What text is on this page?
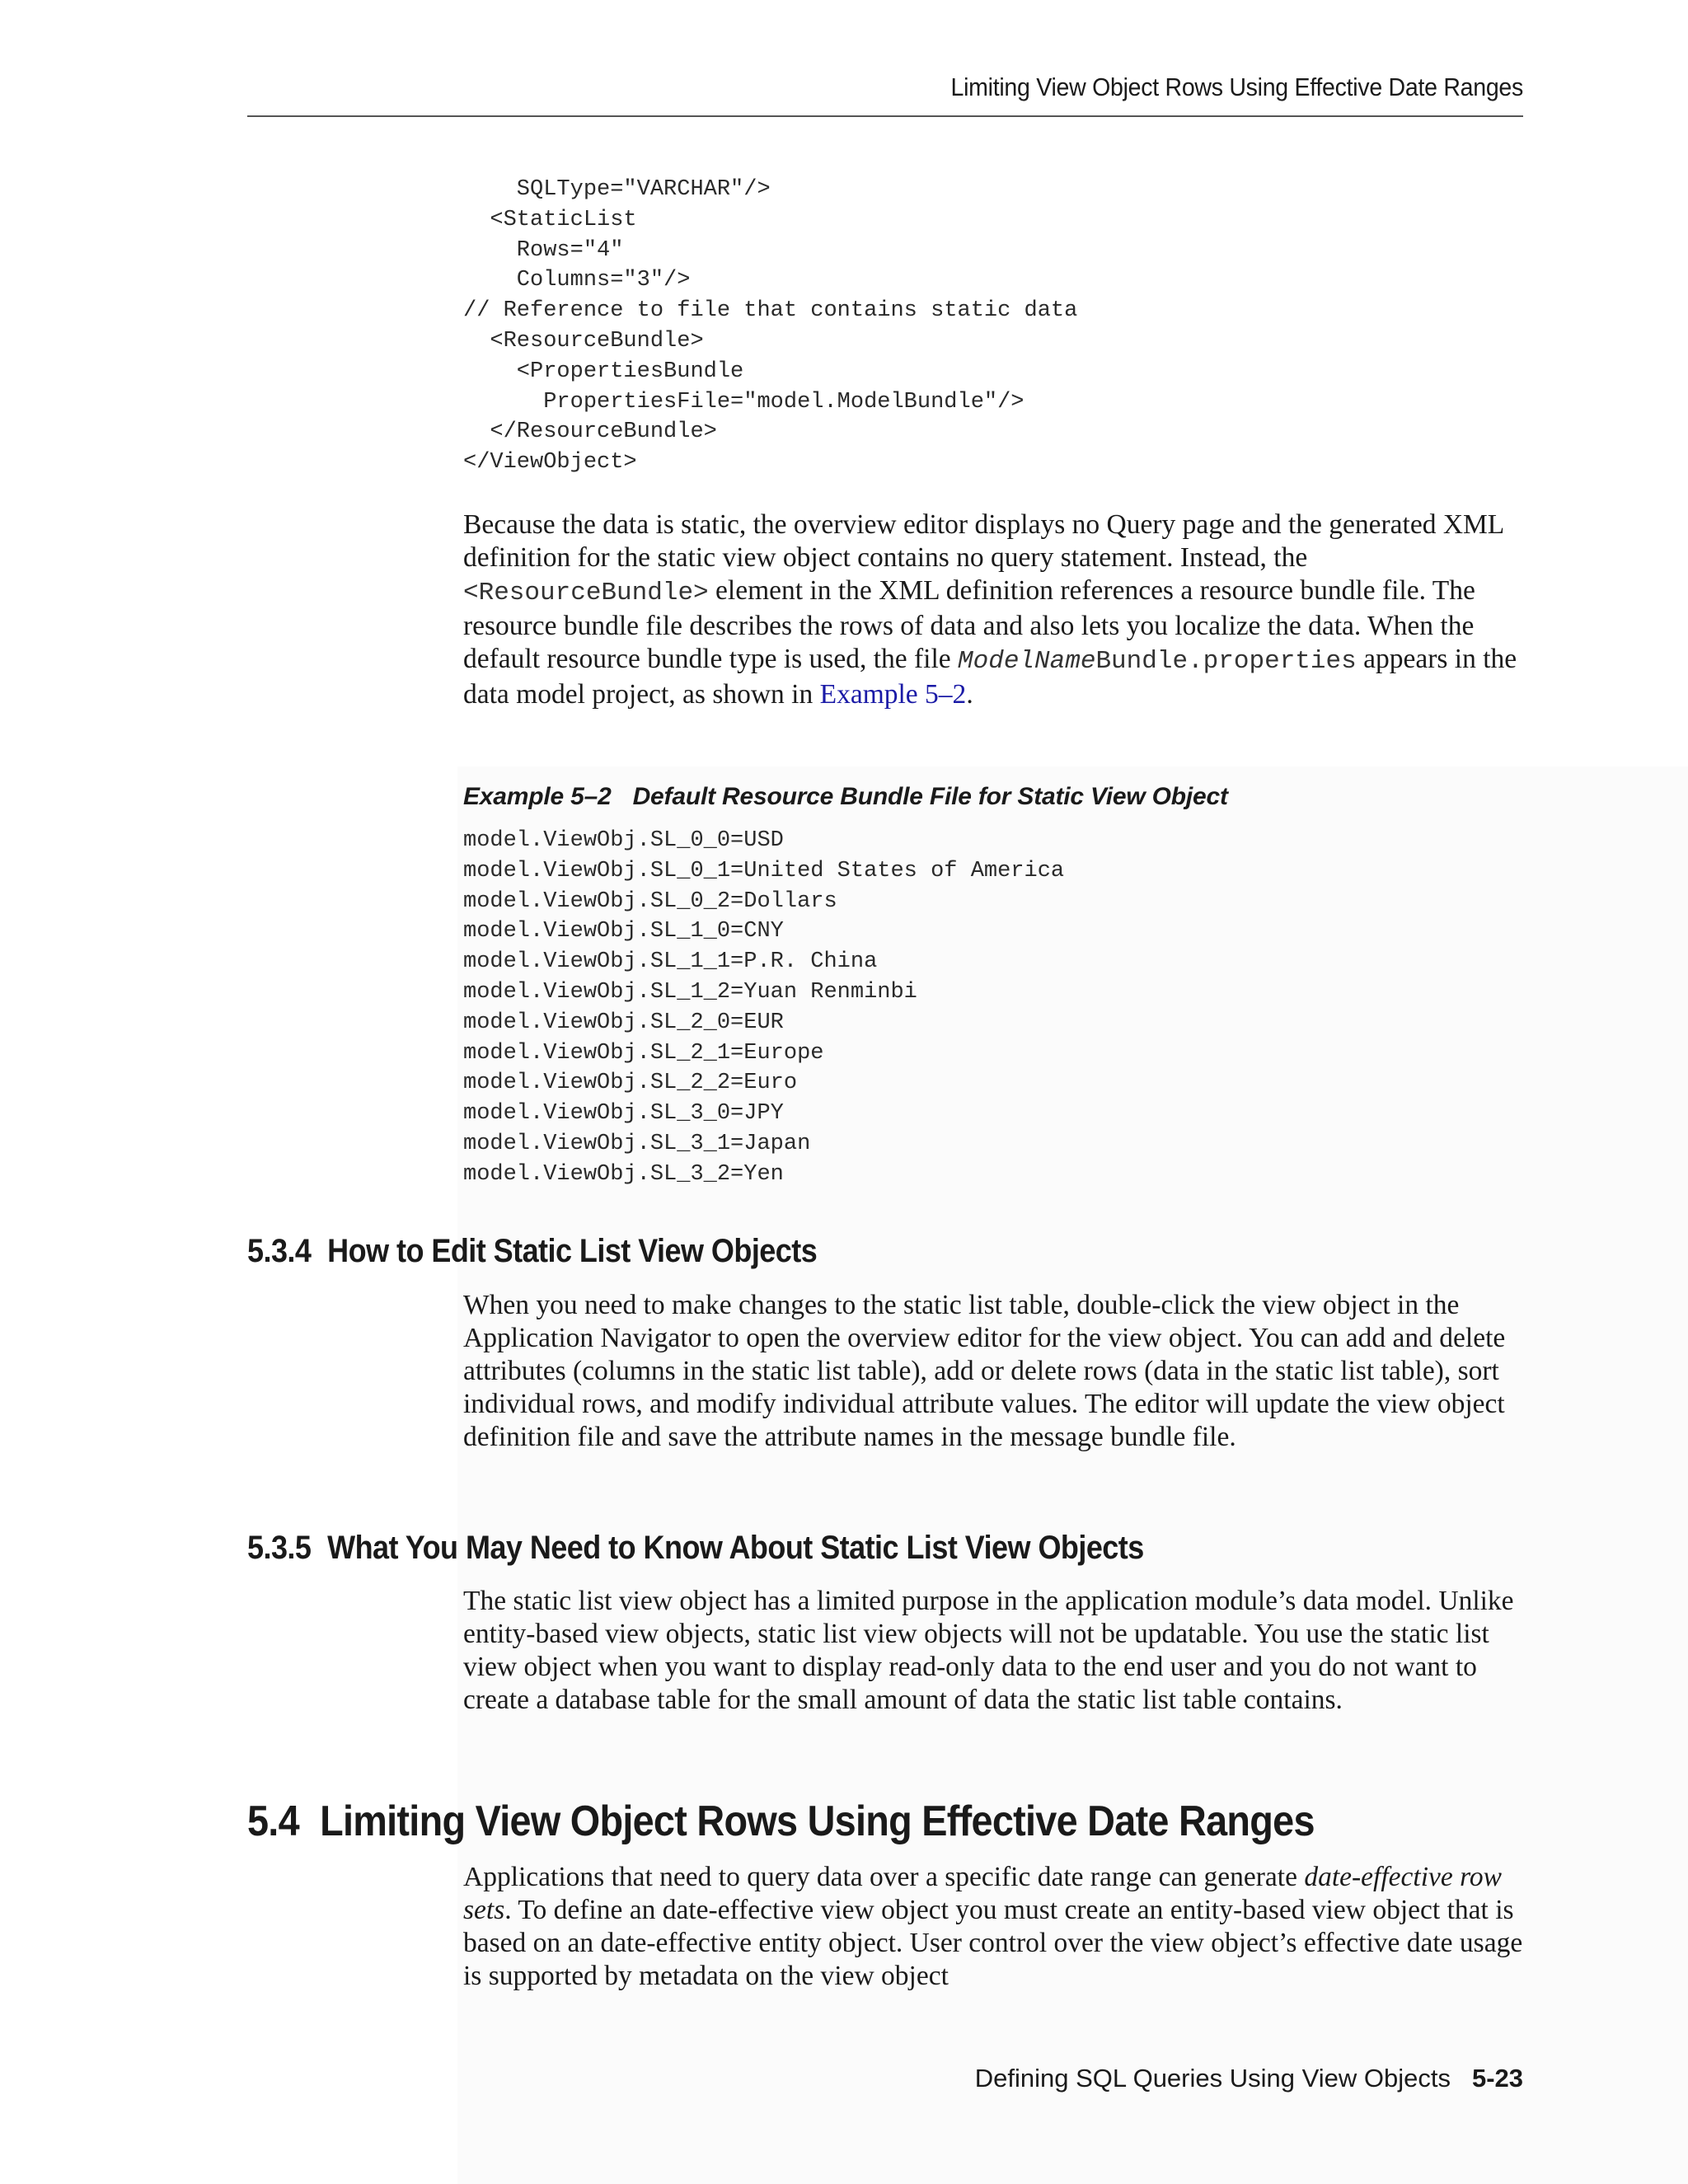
Limiting View Object Rows Using Effective Date Ranges
SQLType="VARCHAR"/>
<StaticList
Rows="4"
Columns="3"/>
// Reference to file that contains static data
<ResourceBundle>
<PropertiesBundle
PropertiesFile="model.ModelBundle"/>
</ResourceBundle>
</ViewObject>
Because the data is static, the overview editor displays no Query page and the generated XML definition for the static view object contains no query statement. Instead, the <ResourceBundle> element in the XML definition references a resource bundle file. The resource bundle file describes the rows of data and also lets you localize the data. When the default resource bundle type is used, the file ModelNameBundle.properties appears in the data model project, as shown in Example 5–2.
Example 5–2 Default Resource Bundle File for Static View Object
model.ViewObj.SL_0_0=USD
model.ViewObj.SL_0_1=United States of America
model.ViewObj.SL_0_2=Dollars
model.ViewObj.SL_1_0=CNY
model.ViewObj.SL_1_1=P.R. China
model.ViewObj.SL_1_2=Yuan Renminbi
model.ViewObj.SL_2_0=EUR
model.ViewObj.SL_2_1=Europe
model.ViewObj.SL_2_2=Euro
model.ViewObj.SL_3_0=JPY
model.ViewObj.SL_3_1=Japan
model.ViewObj.SL_3_2=Yen
5.3.4 How to Edit Static List View Objects
When you need to make changes to the static list table, double-click the view object in the Application Navigator to open the overview editor for the view object. You can add and delete attributes (columns in the static list table), add or delete rows (data in the static list table), sort individual rows, and modify individual attribute values. The editor will update the view object definition file and save the attribute names in the message bundle file.
5.3.5 What You May Need to Know About Static List View Objects
The static list view object has a limited purpose in the application module’s data model. Unlike entity-based view objects, static list view objects will not be updatable. You use the static list view object when you want to display read-only data to the end user and you do not want to create a database table for the small amount of data the static list table contains.
5.4 Limiting View Object Rows Using Effective Date Ranges
Applications that need to query data over a specific date range can generate date-effective row sets. To define an date-effective view object you must create an entity-based view object that is based on an date-effective entity object. User control over the view object’s effective date usage is supported by metadata on the view object
Defining SQL Queries Using View Objects 5-23
